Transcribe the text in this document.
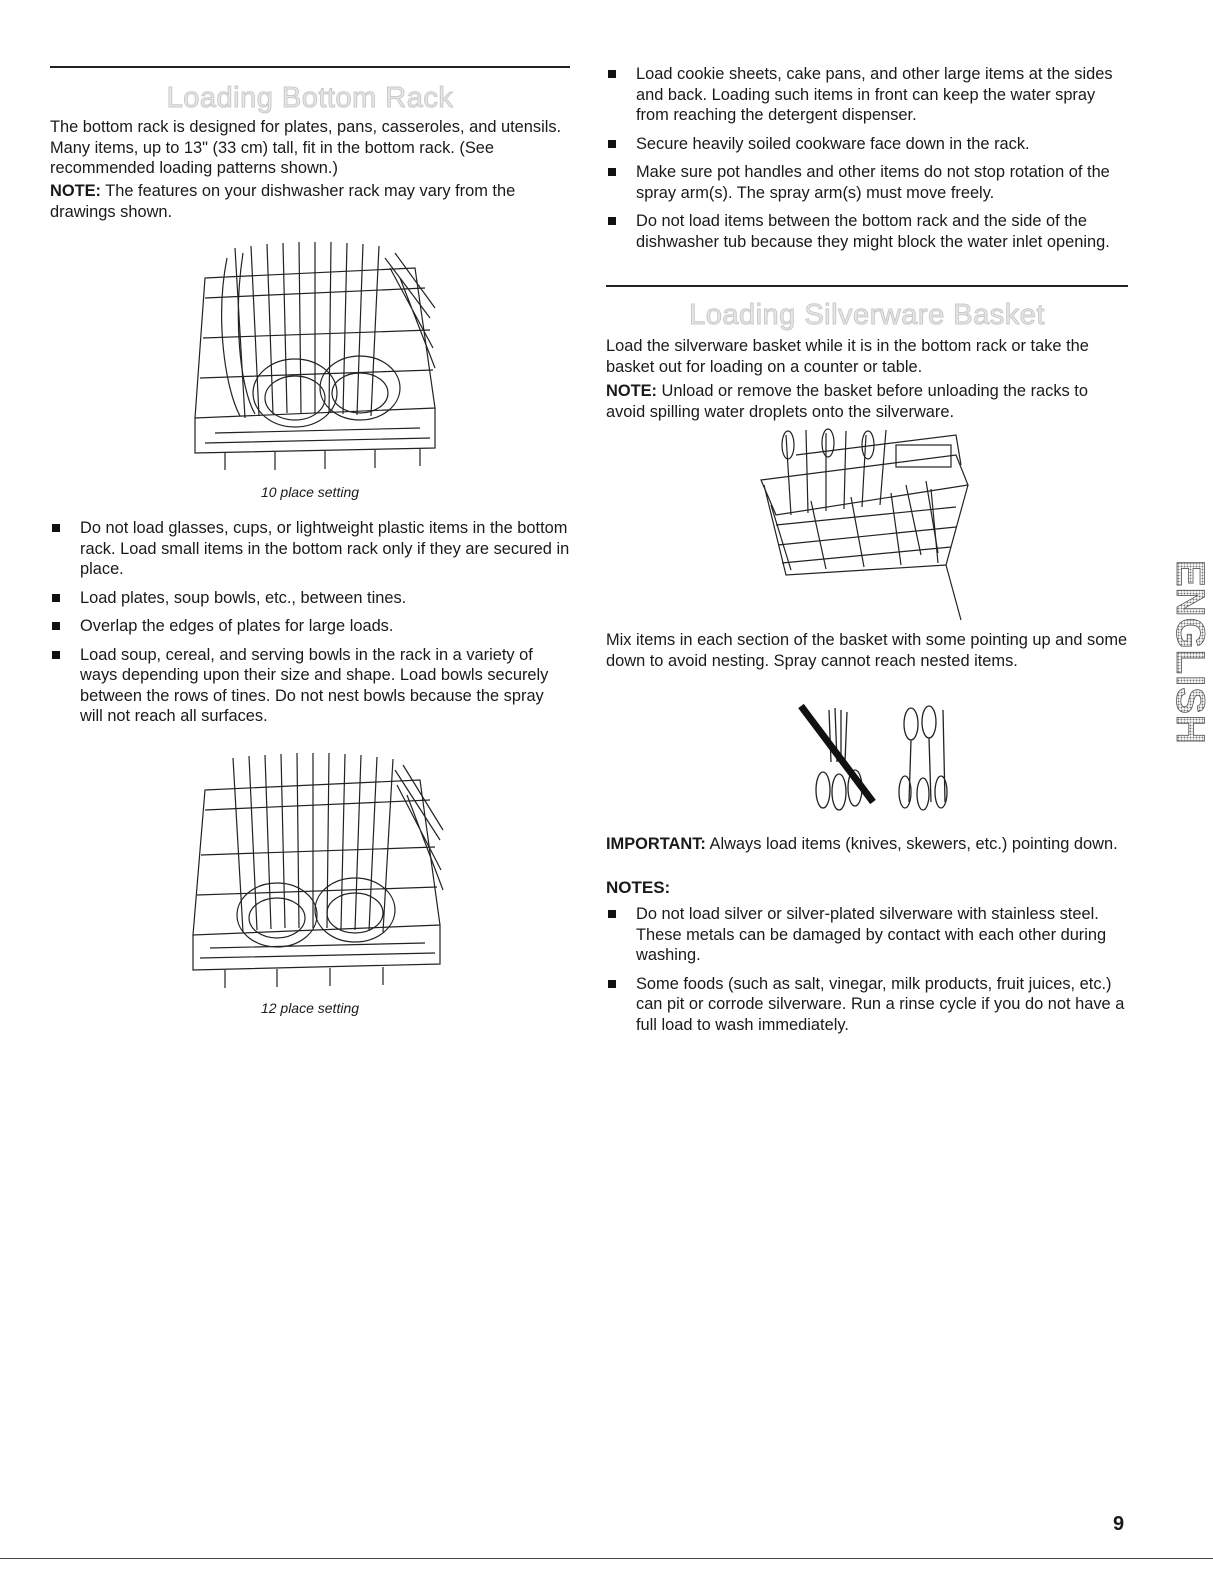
Loading Bottom Rack

The bottom rack is designed for plates, pans, casseroles, and utensils. Many items, up to 13" (33 cm) tall, fit in the bottom rack. (See recommended loading patterns shown.)

NOTE: The features on your dishwasher rack may vary from the drawings shown.

10 place setting
Do not load glasses, cups, or lightweight plastic items in the bottom rack. Load small items in the bottom rack only if they are secured in place.
Load plates, soup bowls, etc., between tines.
Overlap the edges of plates for large loads.
Load soup, cereal, and serving bowls in the rack in a variety of ways depending upon their size and shape. Load bowls securely between the rows of tines. Do not nest bowls because the spray will not reach all surfaces.
12 place setting
Load cookie sheets, cake pans, and other large items at the sides and back. Loading such items in front can keep the water spray from reaching the detergent dispenser.
Secure heavily soiled cookware face down in the rack.
Make sure pot handles and other items do not stop rotation of the spray arm(s). The spray arm(s) must move freely.
Do not load items between the bottom rack and the side of the dishwasher tub because they might block the water inlet opening.
Loading Silverware Basket

Load the silverware basket while it is in the bottom rack or take the basket out for loading on a counter or table.

NOTE: Unload or remove the basket before unloading the racks to avoid spilling water droplets onto the silverware.

Mix items in each section of the basket with some pointing up and some down to avoid nesting. Spray cannot reach nested items.

IMPORTANT: Always load items (knives, skewers, etc.) pointing down.

NOTES:
Do not load silver or silver-plated silverware with stainless steel. These metals can be damaged by contact with each other during washing.
Some foods (such as salt, vinegar, milk products, fruit juices, etc.) can pit or corrode silverware. Run a rinse cycle if you do not have a full load to wash immediately.
ENGLISH
9
